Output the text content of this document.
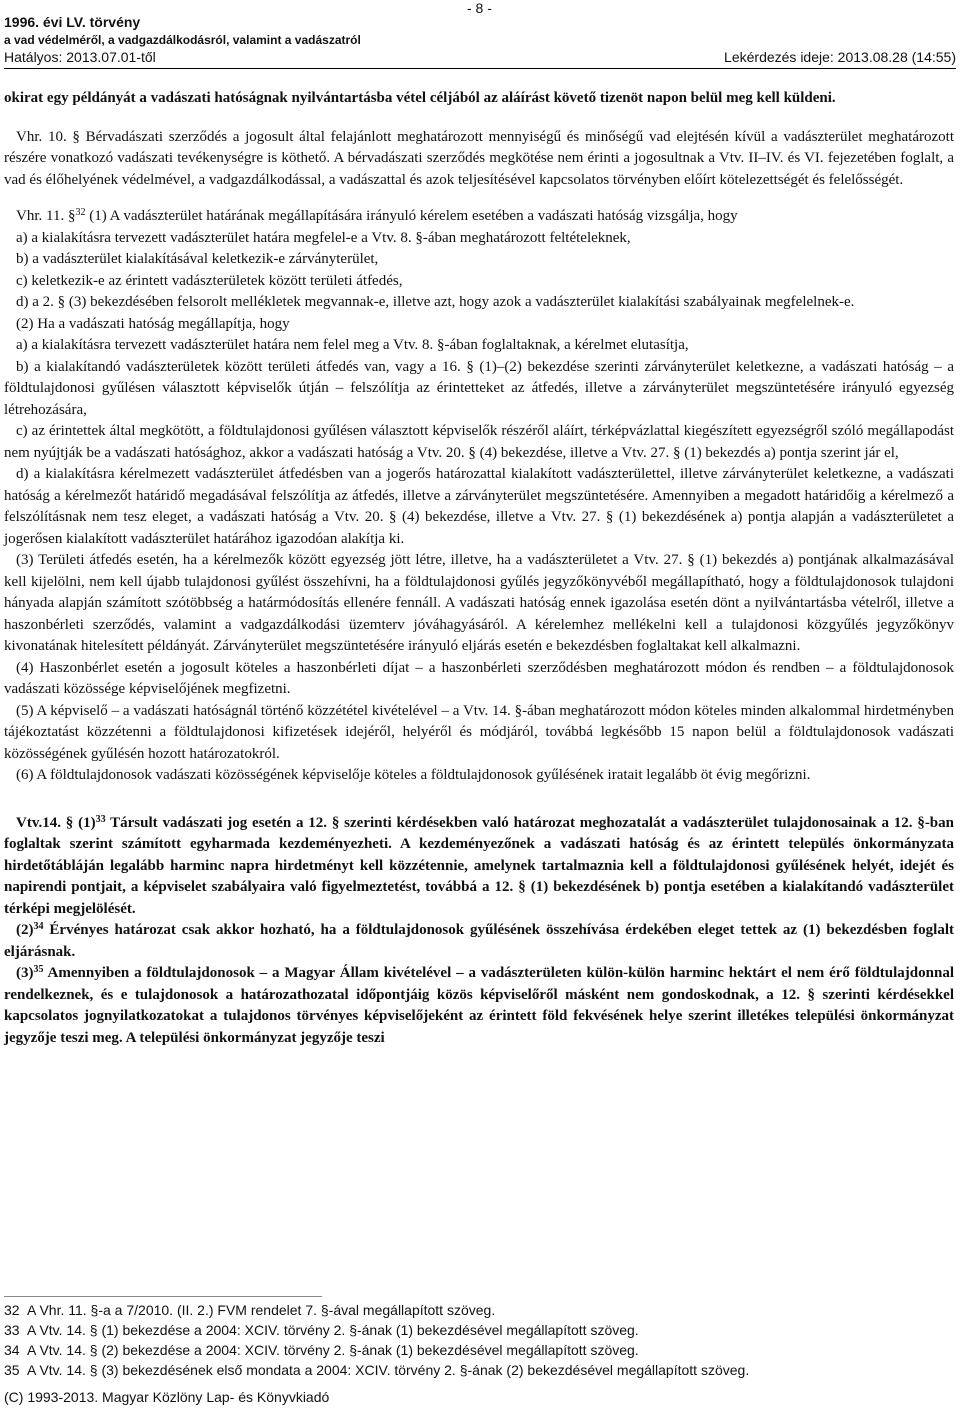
1996. évi LV. törvény
a vad védelméről, a vadgazdálkodásról, valamint a vadászatról
Hatályos: 2013.07.01-től
- 8 -
Lekérdezés ideje: 2013.08.28 (14:55)

okirat egy példányát a vadászati hatóságnak nyilvántartásba vétel céljából az aláírást követő tizenöt napon belül meg kell küldeni.

Vhr. 10. § Bérvadászati szerződés a jogosult által felajánlott meghatározott mennyiségű és minőségű vad elejtésén kívül a vadászterület meghatározott részére vonatkozó vadászati tevékenységre is köthető. A bérvadászati szerződés megkötése nem érinti a jogosultnak a Vtv. II–IV. és VI. fejezetében foglalt, a vad és élőhelyének védelmével, a vadgazdálkodással, a vadászattal és azok teljesítésével kapcsolatos törvényben előírt kötelezettségét és felelősségét.

Vhr. 11. §$^{32}$ (1) A vadászterület határának megállapítására irányuló kérelem esetében a vadászati hatóság vizsgálja, hogy

a) a kialakításra tervezett vadászterület határa megfelel-e a Vtv. 8. §-ában meghatározott feltételeknek,

b) a vadászterület kialakításával keletkezik-e zárványterület,

c) keletkezik-e az érintett vadászterületek között területi átfedés,

d) a 2. § (3) bekezdésében felsorolt mellékletek megvannak-e, illetve azt, hogy azok a vadászterület kialakítási szabályainak megfelelnek-e.

(2) Ha a vadászati hatóság megállapítja, hogy

a) a kialakításra tervezett vadászterület határa nem felel meg a Vtv. 8. §-ában foglaltaknak, a kérelmet elutasítja,

b) a kialakítandó vadászterületek között területi átfedés van, vagy a 16. § (1)–(2) bekezdése szerinti zárványterület keletkezne, a vadászati hatóság – a földtulajdonosi gyűlésen választott képviselők útján – felszólítja az érintetteket az átfedés, illetve a zárványterület megszüntetésére irányuló egyezség létrehozására,

c) az érintettek által megkötött, a földtulajdonosi gyűlésen választott képviselők részéről aláírt, térképvázlattal kiegészített egyezségről szóló megállapodást nem nyújtják be a vadászati hatósághoz, akkor a vadászati hatóság a Vtv. 20. § (4) bekezdése, illetve a Vtv. 27. § (1) bekezdés a) pontja szerint jár el,

d) a kialakításra kérelmezett vadászterület átfedésben van a jogerős határozattal kialakított vadászterülettel, illetve zárványterület keletkezne, a vadászati hatóság a kérelmezőt határidő megadásával felszólítja az átfedés, illetve a zárványterület megszüntetésére. Amennyiben a megadott határidőig a kérelmező a felszólításnak nem tesz eleget, a vadászati hatóság a Vtv. 20. § (4) bekezdése, illetve a Vtv. 27. § (1) bekezdésének a) pontja alapján a vadászterületet a jogerősen kialakított vadászterület határához igazodóan alakítja ki.

(3) Területi átfedés esetén, ha a kérelmezők között egyezség jött létre, illetve, ha a vadászterületet a Vtv. 27. § (1) bekezdés a) pontjának alkalmazásával kell kijelölni, nem kell újabb tulajdonosi gyűlést összehívni, ha a földtulajdonosi gyűlés jegyzőkönyvéből megállapítható, hogy a földtulajdonosok tulajdoni hányada alapján számított szótöbbség a határmódosítás ellenére fennáll. A vadászati hatóság ennek igazolása esetén dönt a nyilvántartásba vételről, illetve a haszonbérleti szerződés, valamint a vadgazdálkodási üzemterv jóváhagyásáról. A kérelemhez mellékelni kell a tulajdonosi közgyűlés jegyzőkönyv kivonatának hitelesített példányát. Zárványterület megszüntetésére irányuló eljárás esetén e bekezdésben foglaltakat kell alkalmazni.

(4) Haszonbérlet esetén a jogosult köteles a haszonbérleti díjat – a haszonbérleti szerződésben meghatározott módon és rendben – a földtulajdonosok vadászati közössége képviselőjének megfizetni.

(5) A képviselő – a vadászati hatóságnál történő közzététel kivételével – a Vtv. 14. §-ában meghatározott módon köteles minden alkalommal hirdetményben tájékoztatást közzétenni a földtulajdonosi kifizetések idejéről, helyéről és módjáról, továbbá legkésőbb 15 napon belül a földtulajdonosok vadászati közösségének gyűlésén hozott határozatokról.

(6) A földtulajdonosok vadászati közösségének képviselője köteles a földtulajdonosok gyűlésének iratait legalább öt évig megőrizni.

Vtv.14. § $(1)^{33}$ Társult vadászati jog esetén a 12. § szerinti kérdésekben való határozat meghozatalát a vadászterület tulajdonosainak a 12. §-ban foglaltak szerint számított egyharmada kezdeményezheti. A kezdeményezőnek a vadászati hatóság és az érintett település önkormányzata hirdetőtábláján legalább harminc napra hirdetményt kell közzétennie, amelynek tartalmaznia kell a földtulajdonosi gyűlésének helyét, idejét és napirendi pontjait, a képviselet szabályaira való figyelmeztetést, továbbá a 12. § (1) bekezdésének b) pontja esetében a kialakítandó vadászterület térképi megjelölését.

$(2)^{34}$ Érvényes határozat csak akkor hozható, ha a földtulajdonosok gyűlésének összehívása érdekében eleget tettek az (1) bekezdésben foglalt eljárásnak.

$(3)^{35}$ Amennyiben a földtulajdonosok – a Magyar Állam kivételével – a vadászterületen külön-külön harminc hektárt el nem érő földtulajdonnal rendelkeznek, és e tulajdonosok a határozathozatal időpontjáig közös képviselőről másként nem gondoskodnak, a 12. § szerinti kérdésekkel kapcsolatos jognyilatkozatokat a tulajdonos törvényes képviselőjeként az érintett föld fekvésének helye szerint illetékes települési önkormányzat jegyzője teszi meg. A települési önkormányzat jegyzője teszi

32 A Vhr. 11. §-a a 7/2010. (II. 2.) FVM rendelet 7. §-ával megállapított szöveg.
33 A Vtv. 14. § (1) bekezdése a 2004: XCIV. törvény 2. §-ának (1) bekezdésével megállapított szöveg.
34 A Vtv. 14. § (2) bekezdése a 2004: XCIV. törvény 2. §-ának (1) bekezdésével megállapított szöveg.
35 A Vtv. 14. § (3) bekezdésének első mondata a 2004: XCIV. törvény 2. §-ának (2) bekezdésével megállapított szöveg.
(C) 1993-2013. Magyar Közlöny Lap- és Könyvkiadó
